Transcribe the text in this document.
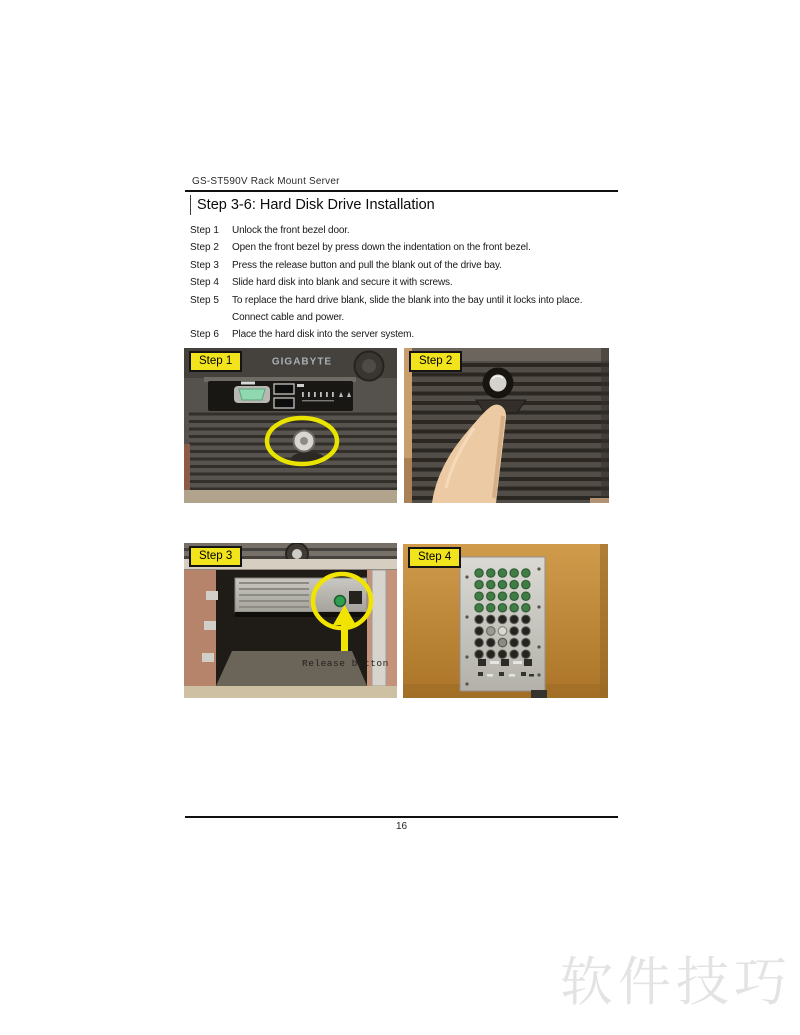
GS-ST590V Rack Mount Server
Step 3-6: Hard Disk Drive Installation
Step 1	Unlock the front bezel door.
Step 2	Open the front bezel by press down the indentation on the front bezel.
Step 3	Press the release button and pull the blank out of the drive bay.
Step 4	Slide hard disk into blank and secure it with screws.
Step 5	To replace the hard drive blank, slide the blank into the bay until it locks into place. Connect cable and power.
Step 6	Place the hard disk into the server system.
GIGABYTE
Step 1	Step 2
Release button
Step 3	Step 4
16
软件技巧
